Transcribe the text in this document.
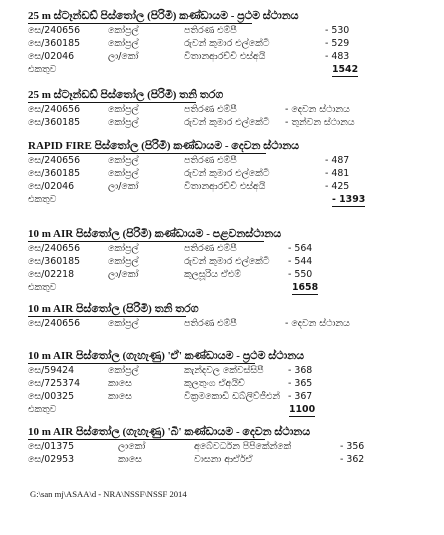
25 m ස්ටෑන්ඩඩ් පිස්තෝල (පිරිමි) කණ්ඩායම - ප්‍රථම ස්ථානය
සෙ/240656	කෝප්‍රල්	පතිරණ එම්පී	- 530
සෙ/360185	කෝප්‍රල්	රුවන් කුමාර එල්කේටී	- 529
සෙ/02046	ලා/කෝ	විතානආරච්චි එස්අයි	- 483
එකතුව	1542
25 m ස්ටෑන්ඩඩ් පිස්තෝල (පිරිමි) තනි තරග
සෙ/240656	කෝප්‍රල්	පතිරණ එම්පී	- දෙවන ස්ථානය
සෙ/360185	කෝප්‍රල්	රුවන් කුමාර එල්කේටී - තුන්වන ස්ථානය
RAPID FIRE පිස්තෝල (පිරිමි) කණ්ඩායම - දෙවන ස්ථානය
සෙ/240656	කෝප්‍රල්	පතිරණ එම්පී	- 487
සෙ/360185	කෝප්‍රල්	රුවන් කුමාර එල්කේටී	- 481
සෙ/02046	ලා/කෝ	විතානආරච්චි එස්අයි	- 425
එකතුව	- 1393
10 m AIR පිස්තෝල (පිරිමි) කණ්ඩායම - පළවනස්ථානය
සෙ/240656	කෝප්‍රල්	පතිරණ එම්පී	- 564
සෙ/360185	කෝප්‍රල්	රුවන් කුමාර එල්කේටී - 544
සෙ/02218	ලා/කෝ	කුලසූරිය ඒඑම්	- 550
එකතුව	1658
10 m AIR පිස්තෝල (පිරිමි) තනි තරග
සෙ/240656	කෝප්‍රල්	පතිරණ එම්පී	- දෙවන ස්ථානය
10 m AIR පිස්තෝල (ගැහැණු) 'ඒ' කණ්ඩායම - ප්‍රථම ස්ථානය
සෙ/59424	කෝප්‍රල්	කැන්දවල කේවස්සිපී	- 368
සෙ/725374	කාසෙ	කුලතුංග ඒඅයිච්	- 365
සෙ/00325	කාසෙ	වික්‍රමකොඩි ඩබ්ලිව්ජීඑන් - 367
එකතුව	1100
10 m AIR පිස්තෝල (ගැහැණු) 'බී' කණ්ඩායම - දෙවන ස්ථානය
සෙ/01375	ලාකෝ	අබේවර්ධන පිපිකේන්කේ	- 356
සෙ/02953	කාසෙ	වාසනා ආර්ඒඒ	- 362
G:\san mj\ASAA\d - NRA\NSSF\NSSF 2014
